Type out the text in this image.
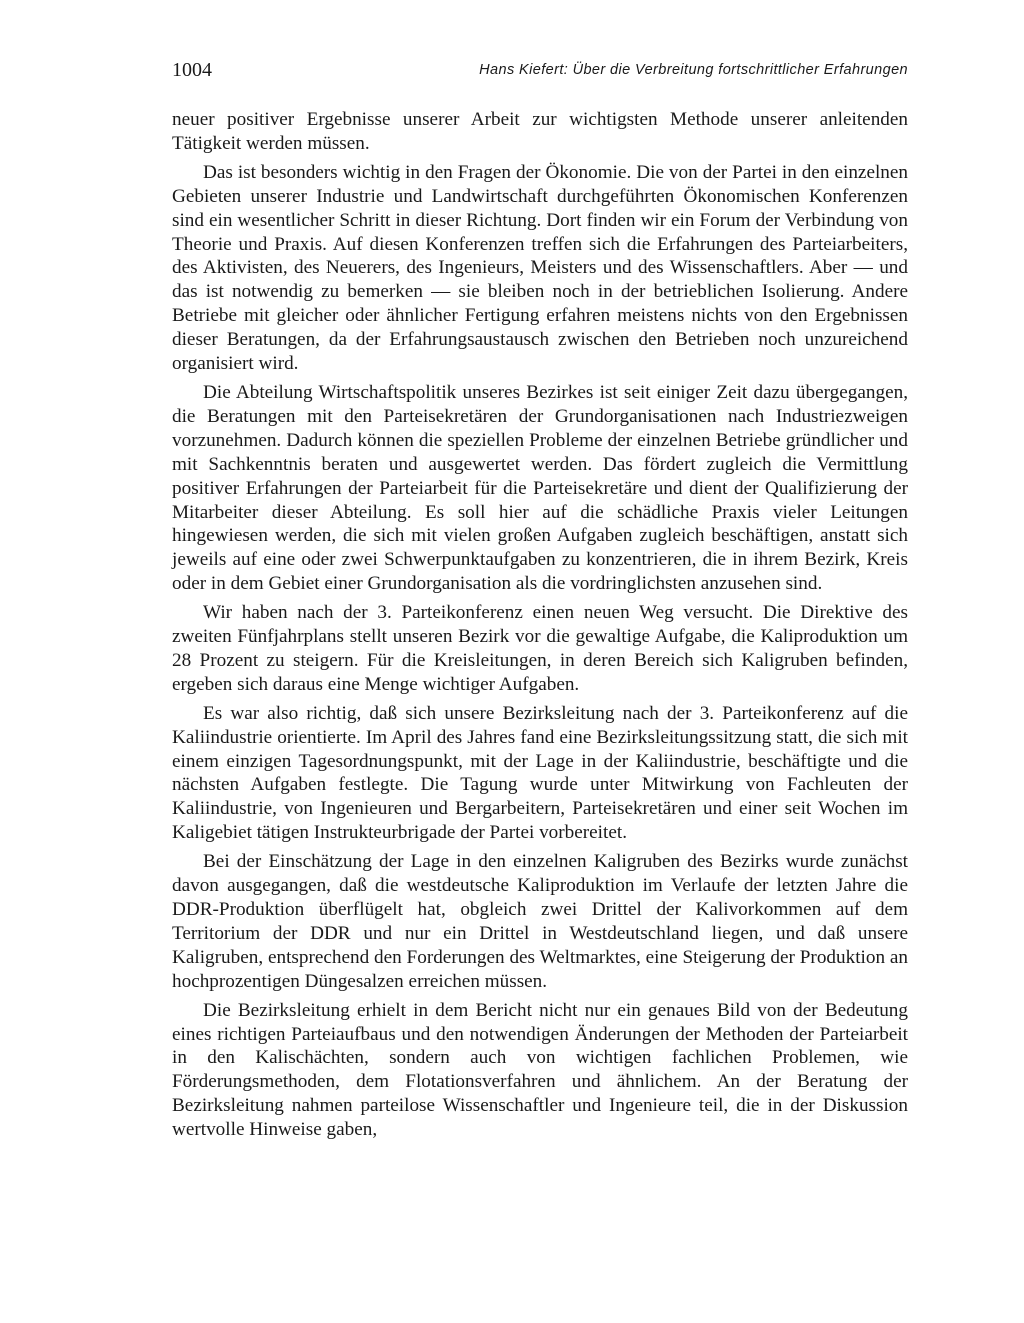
1004	Hans Kiefert: Über die Verbreitung fortschrittlicher Erfahrungen

neuer positiver Ergebnisse unserer Arbeit zur wichtigsten Methode unserer anleitenden Tätigkeit werden müssen.

Das ist besonders wichtig in den Fragen der Ökonomie. Die von der Partei in den einzelnen Gebieten unserer Industrie und Landwirtschaft durchgeführten Ökonomischen Konferenzen sind ein wesentlicher Schritt in dieser Richtung. Dort finden wir ein Forum der Verbindung von Theorie und Praxis. Auf diesen Konferenzen treffen sich die Erfahrungen des Parteiarbeiters, des Aktivisten, des Neuerers, des Ingenieurs, Meisters und des Wissenschaftlers. Aber — und das ist notwendig zu bemerken — sie bleiben noch in der betrieblichen Isolierung. Andere Betriebe mit gleicher oder ähnlicher Fertigung erfahren meistens nichts von den Ergebnissen dieser Beratungen, da der Erfahrungsaustausch zwischen den Betrieben noch unzureichend organisiert wird.

Die Abteilung Wirtschaftspolitik unseres Bezirkes ist seit einiger Zeit dazu übergegangen, die Beratungen mit den Parteisekretären der Grundorganisationen nach Industriezweigen vorzunehmen. Dadurch können die speziellen Probleme der einzelnen Betriebe gründlicher und mit Sachkenntnis beraten und ausgewertet werden. Das fördert zugleich die Vermittlung positiver Erfahrungen der Parteiarbeit für die Parteisekretäre und dient der Qualifizierung der Mitarbeiter dieser Abteilung. Es soll hier auf die schädliche Praxis vieler Leitungen hingewiesen werden, die sich mit vielen großen Aufgaben zugleich beschäftigen, anstatt sich jeweils auf eine oder zwei Schwerpunktaufgaben zu konzentrieren, die in ihrem Bezirk, Kreis oder in dem Gebiet einer Grundorganisation als die vordringlichsten anzusehen sind.

Wir haben nach der 3. Parteikonferenz einen neuen Weg versucht. Die Direktive des zweiten Fünfjahrplans stellt unseren Bezirk vor die gewaltige Aufgabe, die Kaliproduktion um 28 Prozent zu steigern. Für die Kreisleitungen, in deren Bereich sich Kaligruben befinden, ergeben sich daraus eine Menge wichtiger Aufgaben.

Es war also richtig, daß sich unsere Bezirksleitung nach der 3. Parteikonferenz auf die Kaliindustrie orientierte. Im April des Jahres fand eine Bezirksleitungssitzung statt, die sich mit einem einzigen Tagesordnungspunkt, mit der Lage in der Kaliindustrie, beschäftigte und die nächsten Aufgaben festlegte. Die Tagung wurde unter Mitwirkung von Fachleuten der Kaliindustrie, von Ingenieuren und Bergarbeitern, Parteisekretären und einer seit Wochen im Kaligebiet tätigen Instrukteurbrigade der Partei vorbereitet.

Bei der Einschätzung der Lage in den einzelnen Kaligruben des Bezirks wurde zunächst davon ausgegangen, daß die westdeutsche Kaliproduktion im Verlaufe der letzten Jahre die DDR-Produktion überflügelt hat, obgleich zwei Drittel der Kalivorkommen auf dem Territorium der DDR und nur ein Drittel in Westdeutschland liegen, und daß unsere Kaligruben, entsprechend den Forderungen des Weltmarktes, eine Steigerung der Produktion an hochprozentigen Düngesalzen erreichen müssen.

Die Bezirksleitung erhielt in dem Bericht nicht nur ein genaues Bild von der Bedeutung eines richtigen Parteiaufbaus und den notwendigen Änderungen der Methoden der Parteiarbeit in den Kalischächten, sondern auch von wichtigen fachlichen Problemen, wie Förderungsmethoden, dem Flotationsverfahren und ähnlichem. An der Beratung der Bezirksleitung nahmen parteilose Wissenschaftler und Ingenieure teil, die in der Diskussion wertvolle Hinweise gaben,
